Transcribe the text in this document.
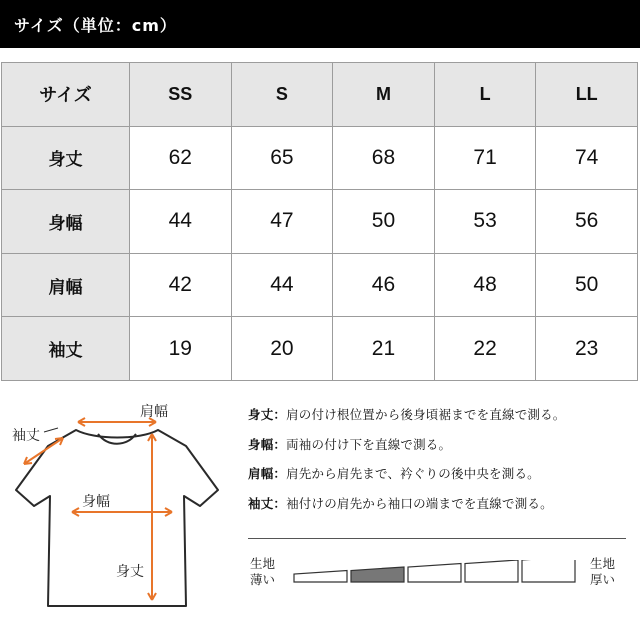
サイズ（単位：cm）
サイズ	SS	S	M	L	LL
身丈	62	65	68	71	74
身幅	44	47	50	53	56
肩幅	42	44	46	48	50
袖丈	19	20	21	22	23
肩幅
袖丈
身幅
身丈
身丈：肩の付け根位置から後身頃裾までを直線で測る。
身幅：両袖の付け下を直線で測る。
肩幅：肩先から肩先まで、衿ぐりの後中央を測る。
袖丈：袖付けの肩先から袖口の端までを直線で測る。
生地
薄い
生地
厚い
